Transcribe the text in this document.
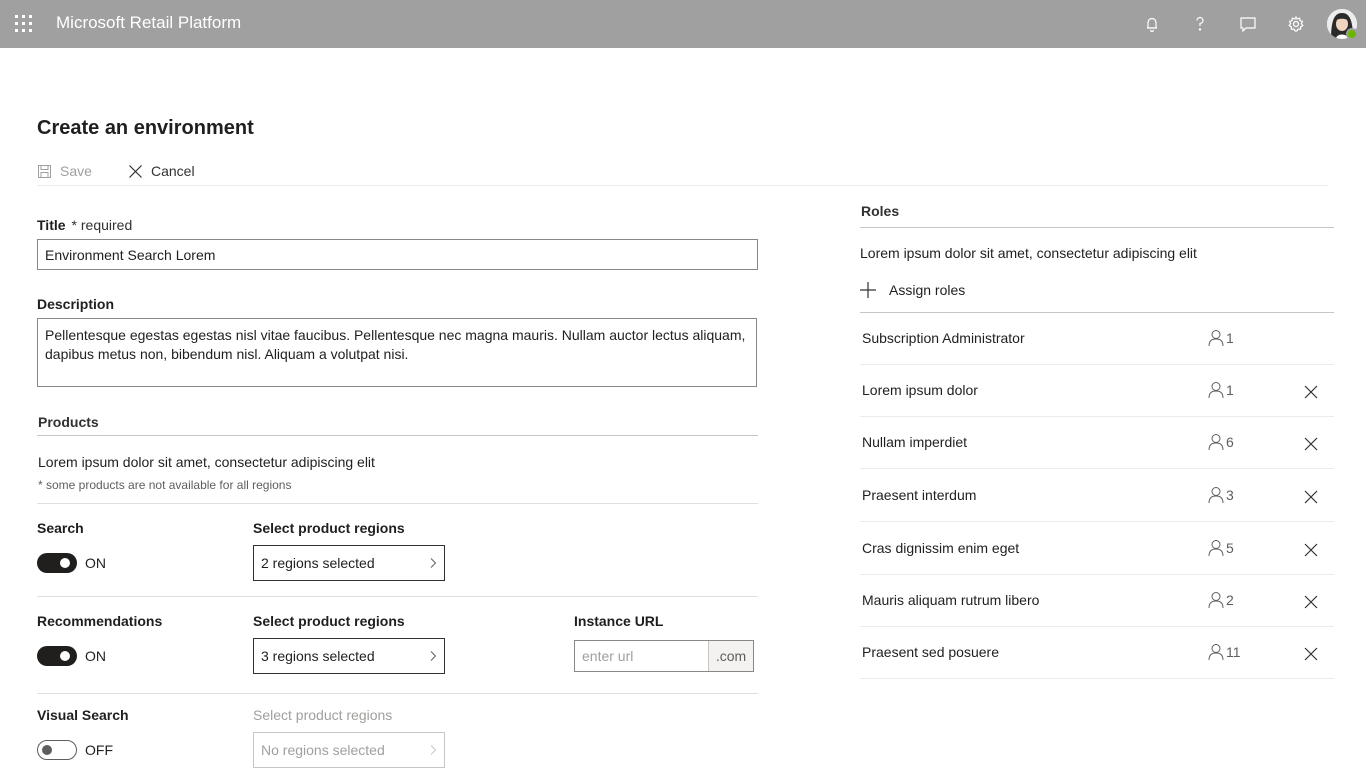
Microsoft Retail Platform
Create an environment
Save	Cancel
Title * required
Environment Search Lorem
Description
Pellentesque egestas egestas nisl vitae faucibus. Pellentesque nec magna mauris. Nullam auctor lectus aliquam, dapibus metus non, bibendum nisl. Aliquam a volutpat nisi.
Products
Lorem ipsum dolor sit amet, consectetur adipiscing elit
* some products are not available for all regions
Search	Select product regions
ON	2 regions selected
Recommendations	Select product regions	Instance URL
ON	3 regions selected
enter url	.com
Visual Search	Select product regions
OFF	No regions selected
Roles
Lorem ipsum dolor sit amet, consectetur adipiscing elit
Assign roles
Subscription Administrator	1
Lorem ipsum dolor	1
Nullam imperdiet	6
Praesent interdum	3
Cras dignissim enim eget	5
Mauris aliquam rutrum libero	2
Praesent sed posuere	11
